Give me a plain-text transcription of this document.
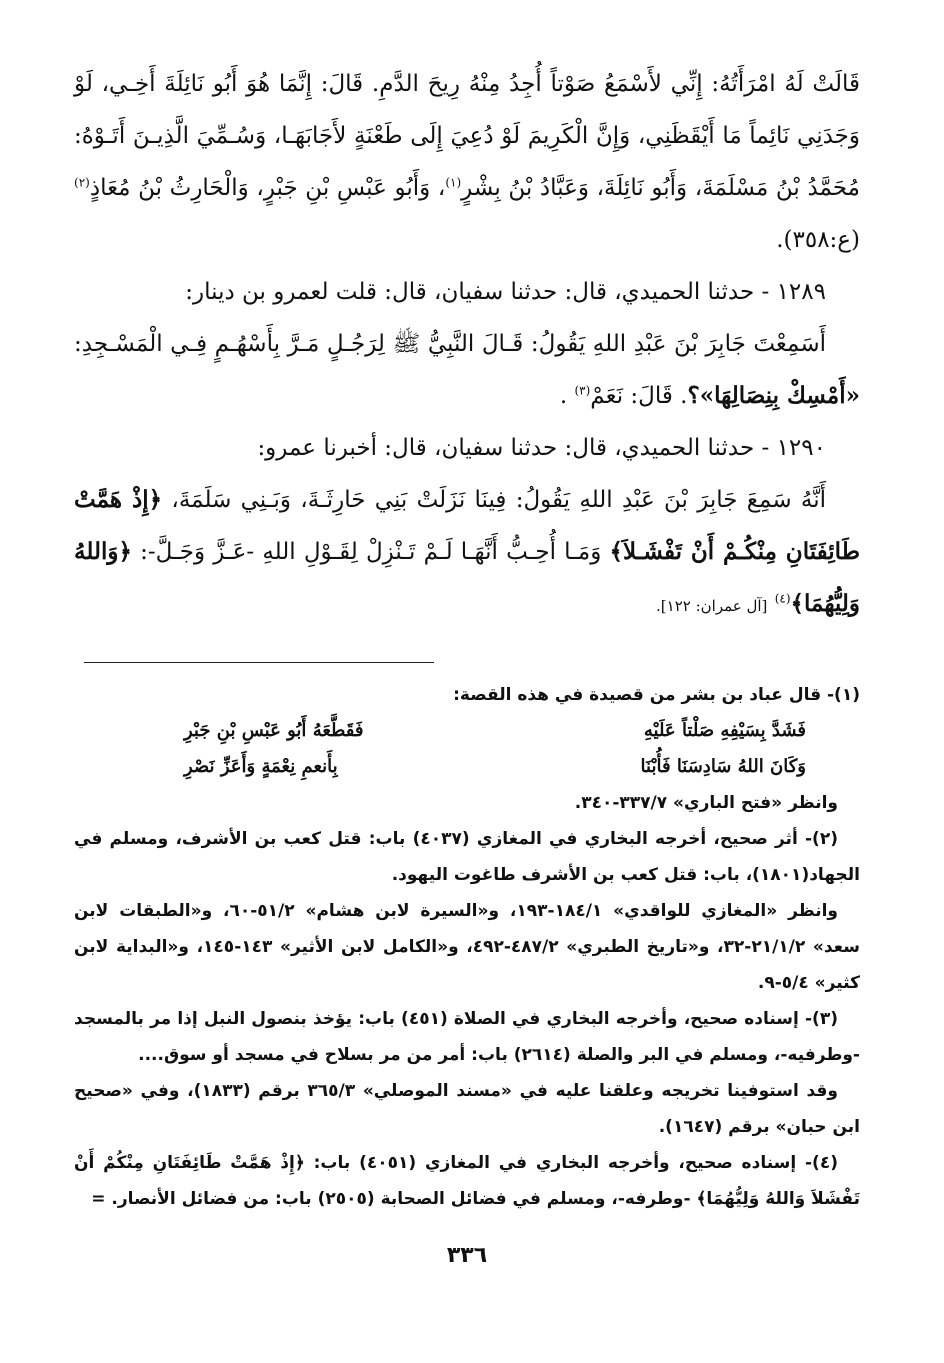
قَالَتْ لَهُ امْرَأَتُهُ: إِنِّي لأَسْمَعُ صَوْتاً أُجِدُ مِنْهُ رِيحَ الدَّمِ. قَالَ: إِنَّمَا هُوَ أَبُو نَائِلَةَ أَخِـي، لَوْ وَجَدَنِي نَائِماً مَا أَيْقَظَنِي، وَإِنَّ الْكَرِيمَ لَوْ دُعِيَ إِلَى طَعْنَةٍ لأَجَابَهَـا، وَسُـمِّيَ الَّذِيـنَ أَتَـوْهُ: مُحَمَّدُ بْنُ مَسْلَمَةَ، وَأَبُو نَائِلَةَ، وَعَبَّادُ بْنُ بِشْرٍ$^{(١)}$، وَأَبُو عَبْسِ بْنِ جَبْرٍ، وَالْحَارِثُ بْنُ مُعَاذٍ$^{(٢)}$ (ع:٣٥٨).

١٢٨٩ - حدثنا الحميدي، قال: حدثنا سفيان، قال: قلت لعمرو بن دينار:

أَسَمِعْتَ جَابِرَ بْنَ عَبْدِ اللهِ يَقُولُ: قَـالَ النَّبِيُّ ﷺ لِرَجُـلٍ مَـرَّ بِأَسْهُـمٍ فِـي الْمَسْـجِدِ: «أَمْسِكْ بِنِصَالِهَا»؟. قَالَ: نَعَمْ$^{(٣)}$ .

١٢٩٠ - حدثنا الحميدي، قال: حدثنا سفيان، قال: أخبرنا عمرو:

أَنَّهُ سَمِعَ جَابِرَ بْنَ عَبْدِ اللهِ يَقُولُ: فِينَا نَزَلَتْ بَنِي حَارِثَـةَ، وَبَـنِي سَلَمَةَ، ﴿إِذْ هَمَّتْ طَائِفَتَانِ مِنْكُـمْ أَنْ تَفْشَـلاَ﴾ وَمَـا أُحِـبُّ أَنَّهَـا لَـمْ تَـنْزِلْ لِقَـوْلِ اللهِ -عَـزَّ وَجَـلَّ-: ﴿وَاللهُ وَلِيُّهُمَا﴾$^{(٤)}$ [آل عمران: ١٢٢].

(١)- قال عباد بن بشر من قصيدة في هذه القصة:

فَشَدَّ بِسَيْفِهِ صَلْتاً عَلَيْهِ
فَقَطَّعَهُ أَبُو عَبْسِ بْنِ جَبْرِ
وَكَانَ اللهُ سَادِسَنَا فَأُبْنَا
بِأَنعمِ نِعْمَةٍ وَأَعَزِّ نَصْرِ

وانظر «فتح الباري» ٣٣٧/٧-٣٤٠.

(٢)- أثر صحيح، أخرجه البخاري في المغازي (٤٠٣٧) باب: قتل كعب بن الأشرف، ومسلم في الجهاد(١٨٠١)، باب: قتل كعب بن الأشرف طاغوت اليهود.

وانظر «المغازي للواقدي» ١٨٤/١-١٩٣، و«السيرة لابن هشام» ٥١/٢-٦٠، و«الطبقات لابن سعد» ٢١/١/٢-٣٢، و«تاريخ الطبري» ٤٨٧/٢-٤٩٢، و«الكامل لابن الأثير» ١٤٣-١٤٥، و«البداية لابن كثير» ٥/٤-٩.

(٣)- إسناده صحيح، وأخرجه البخاري في الصلاة (٤٥١) باب: يؤخذ بنصول النبل إذا مر بالمسجد -وطرفيه-، ومسلم في البر والصلة (٢٦١٤) باب: أمر من مر بسلاح في مسجد أو سوق....

وقد استوفينا تخريجه وعلقنا عليه في «مسند الموصلي» ٣٦٥/٣ برقم (١٨٣٣)، وفي «صحيح ابن حبان» برقم (١٦٤٧).

(٤)- إسناده صحيح، وأخرجه البخاري في المغازي (٤٠٥١) باب: ﴿إِذْ هَمَّتْ طَائِفَتَانِ مِنْكُمْ أَنْ تَفْشَلاَ وَاللهُ وَلِيُّهُمَا﴾ -وطرفه-، ومسلم في فضائل الصحابة (٢٥٠٥) باب: من فضائل الأنصار. =

٣٣٦
